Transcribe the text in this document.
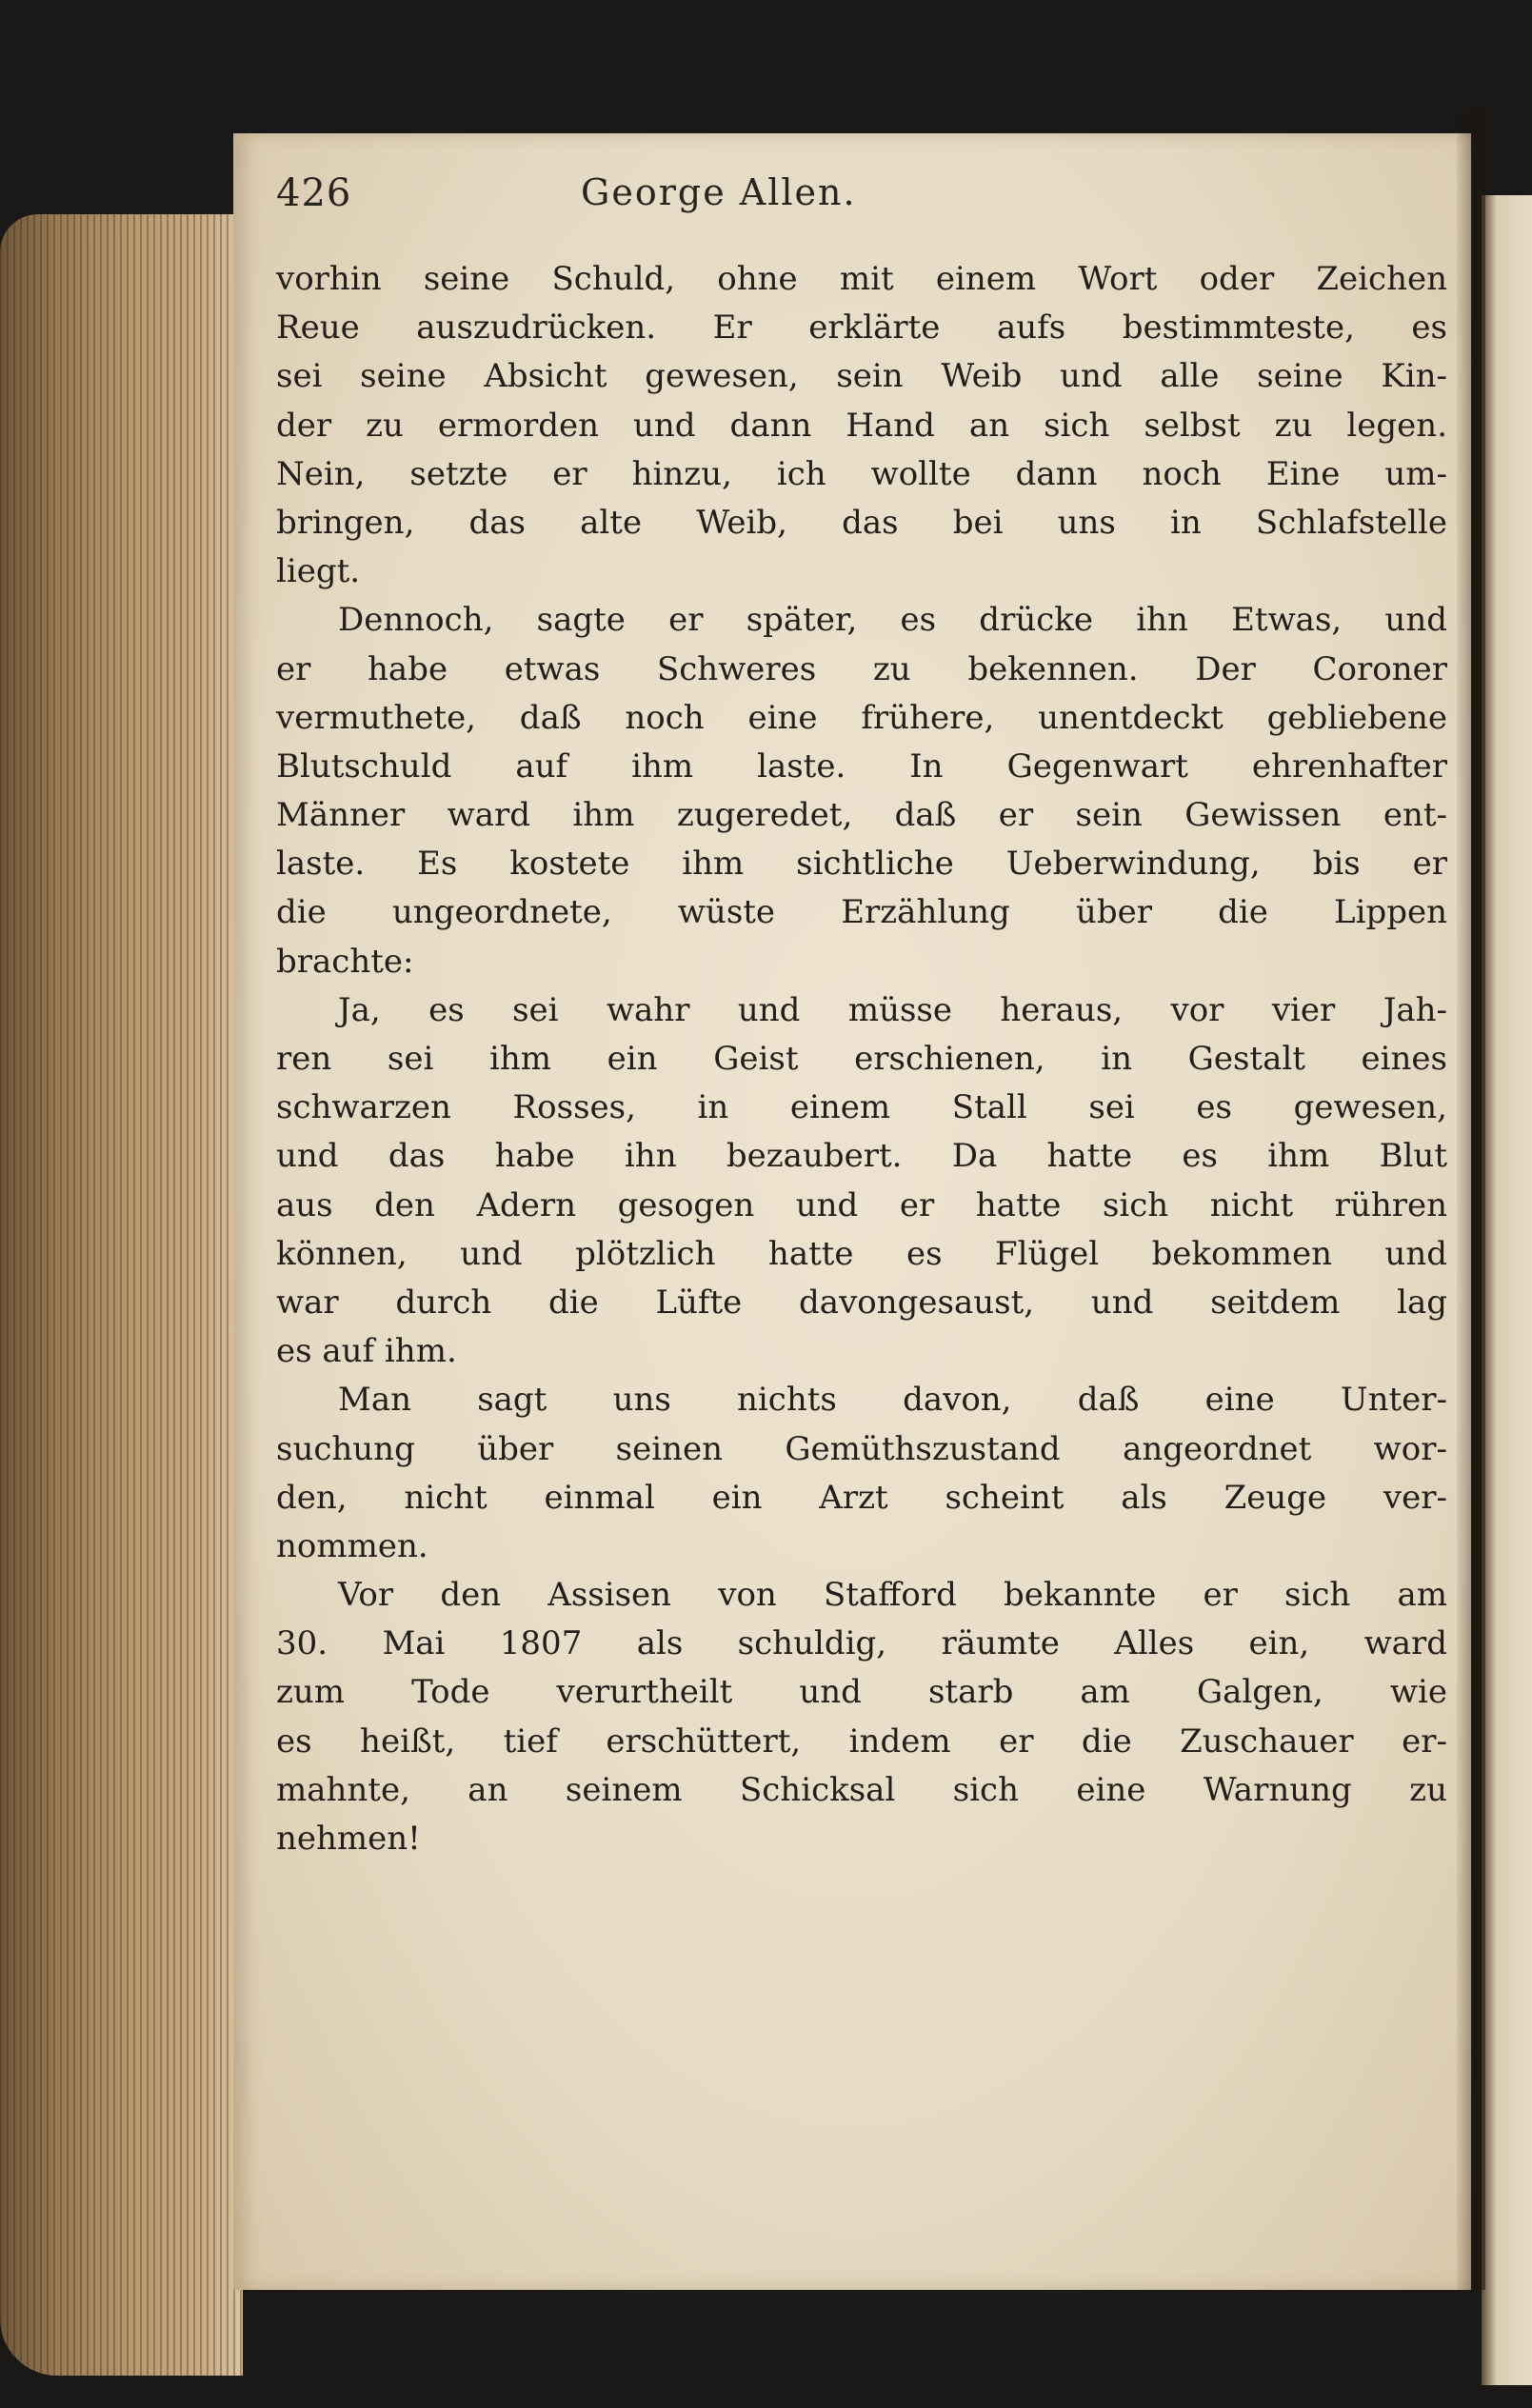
426	George Allen.
vorhin seine Schuld, ohne mit einem Wort oder Zeichen
Reue auszudrücken. Er erklärte aufs bestimmteste, es
sei seine Absicht gewesen, sein Weib und alle seine Kin-
der zu ermorden und dann Hand an sich selbst zu legen.
Nein, setzte er hinzu, ich wollte dann noch Eine um-
bringen, das alte Weib, das bei uns in Schlafstelle
liegt.
Dennoch, sagte er später, es drücke ihn Etwas, und
er habe etwas Schweres zu bekennen. Der Coroner
vermuthete, daß noch eine frühere, unentdeckt gebliebene
Blutschuld auf ihm laste. In Gegenwart ehrenhafter
Männer ward ihm zugeredet, daß er sein Gewissen ent-
laste. Es kostete ihm sichtliche Ueberwindung, bis er
die ungeordnete, wüste Erzählung über die Lippen
brachte:
Ja, es sei wahr und müsse heraus, vor vier Jah-
ren sei ihm ein Geist erschienen, in Gestalt eines
schwarzen Rosses, in einem Stall sei es gewesen,
und das habe ihn bezaubert. Da hatte es ihm Blut
aus den Adern gesogen und er hatte sich nicht rühren
können, und plötzlich hatte es Flügel bekommen und
war durch die Lüfte davongesaust, und seitdem lag
es auf ihm.
Man sagt uns nichts davon, daß eine Unter-
suchung über seinen Gemüthszustand angeordnet wor-
den, nicht einmal ein Arzt scheint als Zeuge ver-
nommen.
Vor den Assisen von Stafford bekannte er sich am
30. Mai 1807 als schuldig, räumte Alles ein, ward
zum Tode verurtheilt und starb am Galgen, wie
es heißt, tief erschüttert, indem er die Zuschauer er-
mahnte, an seinem Schicksal sich eine Warnung zu
nehmen!
